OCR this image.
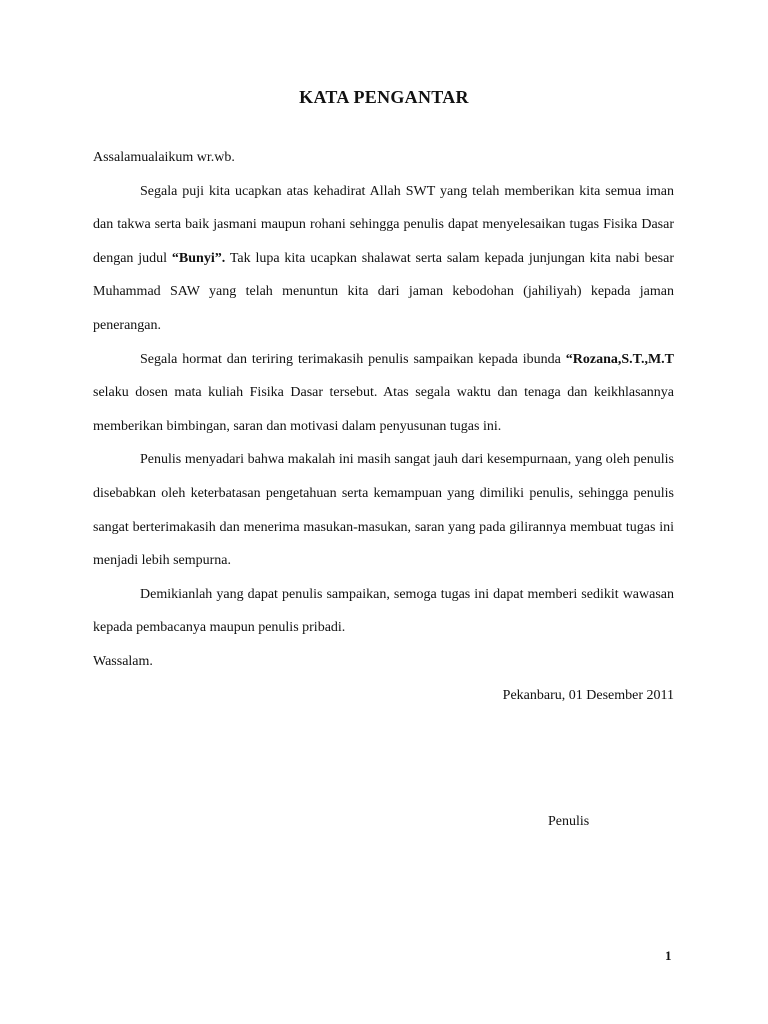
KATA PENGANTAR

Assalamualaikum wr.wb.

Segala puji kita ucapkan atas kehadirat Allah SWT yang telah memberikan kita semua iman dan takwa serta baik jasmani maupun rohani sehingga penulis dapat menyelesaikan tugas Fisika Dasar dengan judul “Bunyi”. Tak lupa kita ucapkan shalawat serta salam kepada junjungan kita nabi besar Muhammad SAW yang telah menuntun kita dari jaman kebodohan (jahiliyah) kepada jaman penerangan.

Segala hormat dan teriring terimakasih penulis sampaikan kepada ibunda “Rozana,S.T.,M.T selaku dosen mata kuliah Fisika Dasar tersebut. Atas segala waktu dan tenaga dan keikhlasannya memberikan bimbingan, saran dan motivasi dalam penyusunan tugas ini.

Penulis menyadari bahwa makalah ini masih sangat jauh dari kesempurnaan, yang oleh penulis disebabkan oleh keterbatasan pengetahuan serta kemampuan yang dimiliki penulis, sehingga penulis sangat berterimakasih dan menerima masukan-masukan, saran yang pada gilirannya membuat tugas ini menjadi lebih sempurna.

Demikianlah yang dapat penulis sampaikan, semoga tugas ini dapat memberi sedikit wawasan kepada pembacanya maupun penulis pribadi.

Wassalam.

Pekanbaru, 01 Desember 2011

Penulis
1
